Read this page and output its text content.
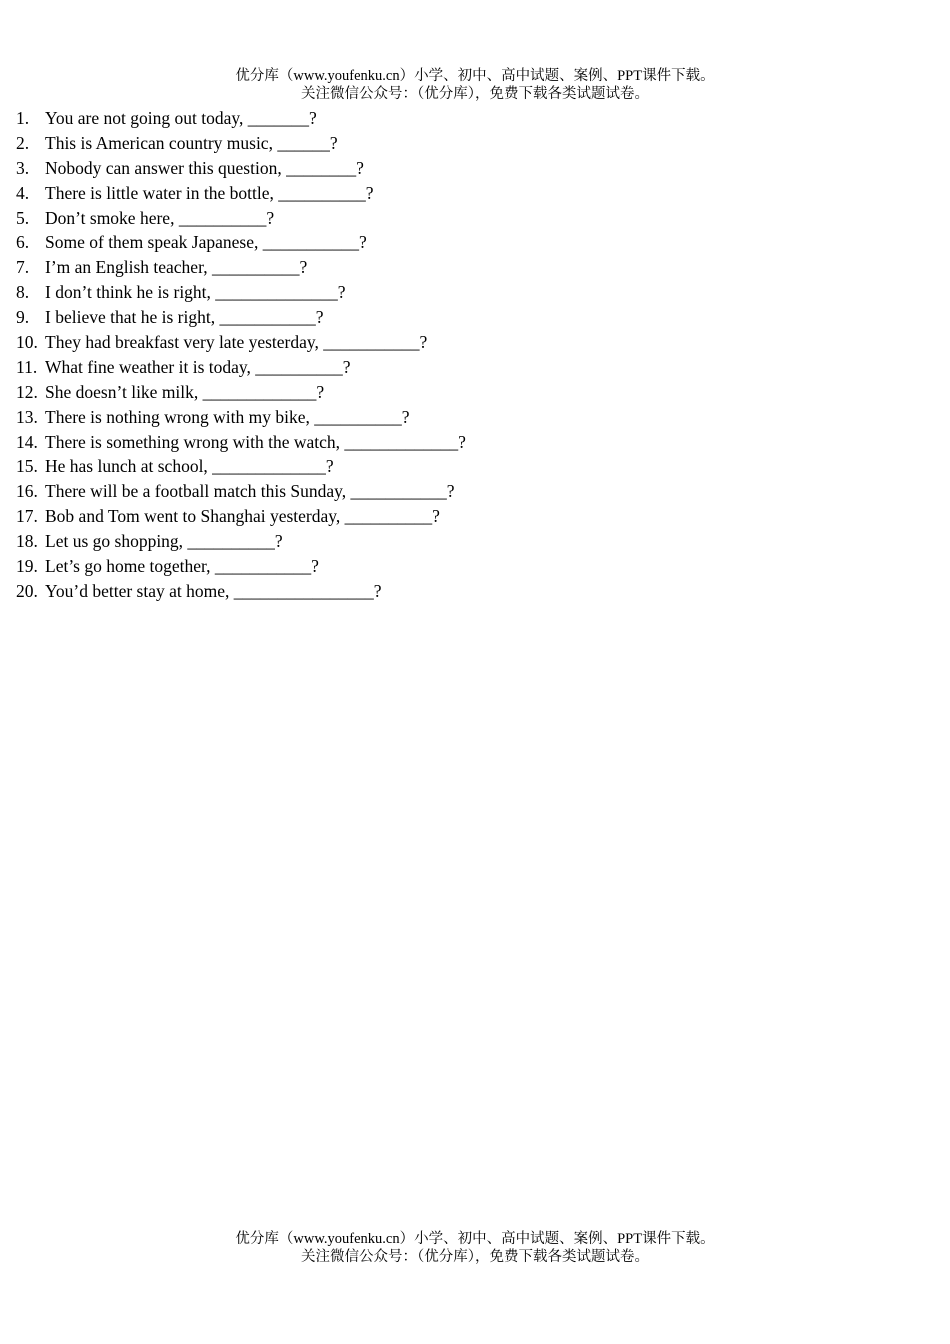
优分库（www.youfenku.cn）小学、初中、高中试题、案例、PPT课件下载。
关注微信公众号：（优分库），免费下载各类试题试卷。
1. You are not going out today, _______?
2. This is American country music, ______?
3. Nobody can answer this question, ________?
4. There is little water in the bottle, __________?
5. Don’t smoke here, __________?
6. Some of them speak Japanese, ___________?
7. I’m an English teacher, __________?
8. I don’t think he is right, ______________?
9. I believe that he is right, ___________?
10. They had breakfast very late yesterday, ___________?
11. What fine weather it is today, __________?
12. She doesn’t like milk, _____________?
13. There is nothing wrong with my bike, __________?
14. There is something wrong with the watch, _____________?
15. He has lunch at school, _____________?
16. There will be a football match this Sunday, ___________?
17. Bob and Tom went to Shanghai yesterday, __________?
18. Let us go shopping, __________?
19. Let’s go home together, ___________?
20. You’d better stay at home, ________________?
优分库（www.youfenku.cn）小学、初中、高中试题、案例、PPT课件下载。
关注微信公众号：（优分库），免费下载各类试题试卷。
